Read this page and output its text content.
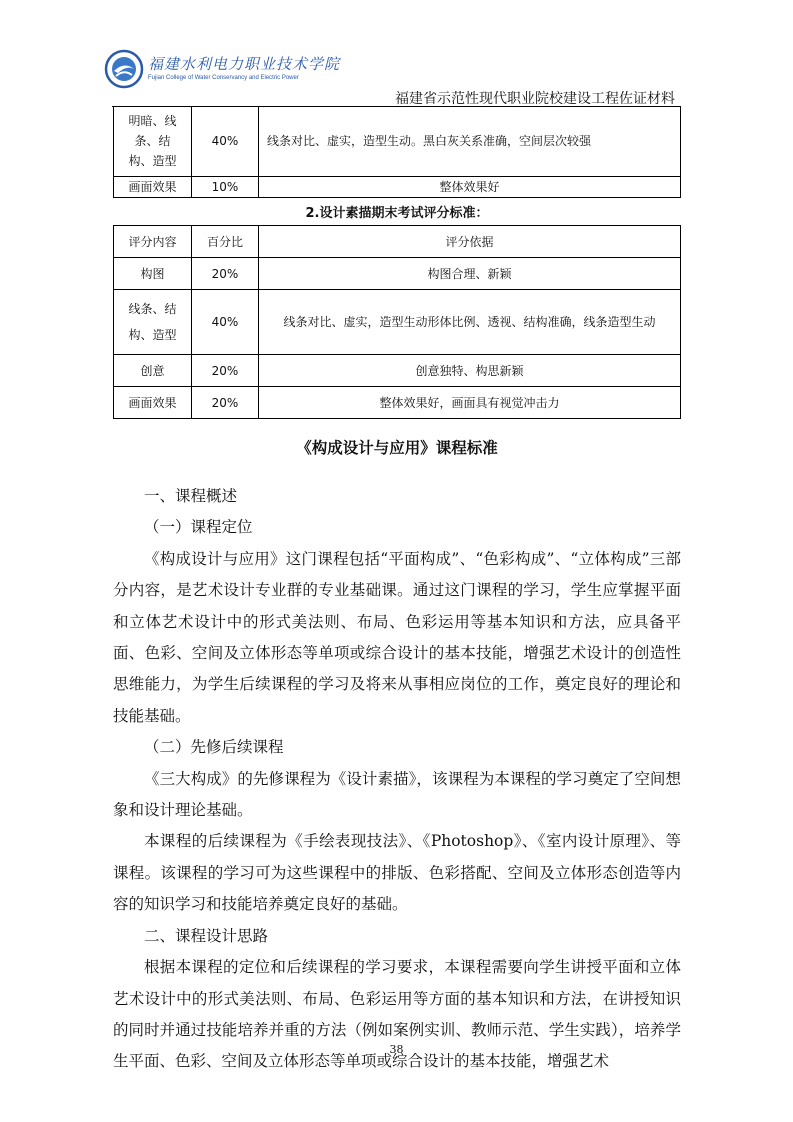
福建水利电力职业技术学院
Fujian College of Water Conservancy and Electric Power
福建省示范性现代职业院校建设工程佐证材料
明暗、线条、结构、造型	40%	线条对比、虚实，造型生动。黑白灰关系准确，空间层次较强
画面效果	10%	整体效果好
2.设计素描期末考试评分标准：
评分内容	百分比	评分依据
构图	20%	构图合理、新颖
线条、结构、造型	40%	线条对比、虚实，造型生动形体比例、透视、结构准确，线条造型生动
创意	20%	创意独特、构思新颖
画面效果	20%	整体效果好，画面具有视觉冲击力
《构成设计与应用》课程标准

一、课程概述

（一）课程定位

《构成设计与应用》这门课程包括“平面构成”、“色彩构成”、“立体构成”三部分内容，是艺术设计专业群的专业基础课。通过这门课程的学习，学生应掌握平面和立体艺术设计中的形式美法则、布局、色彩运用等基本知识和方法，应具备平面、色彩、空间及立体形态等单项或综合设计的基本技能，增强艺术设计的创造性思维能力，为学生后续课程的学习及将来从事相应岗位的工作，奠定良好的理论和技能基础。

（二）先修后续课程

《三大构成》的先修课程为《设计素描》，该课程为本课程的学习奠定了空间想象和设计理论基础。

本课程的后续课程为《手绘表现技法》、《Photoshop》、《室内设计原理》、等课程。该课程的学习可为这些课程中的排版、色彩搭配、空间及立体形态创造等内容的知识学习和技能培养奠定良好的基础。

二、课程设计思路

根据本课程的定位和后续课程的学习要求，本课程需要向学生讲授平面和立体艺术设计中的形式美法则、布局、色彩运用等方面的基本知识和方法，在讲授知识的同时并通过技能培养并重的方法（例如案例实训、教师示范、学生实践），培养学生平面、色彩、空间及立体形态等单项或综合设计的基本技能，增强艺术

38
